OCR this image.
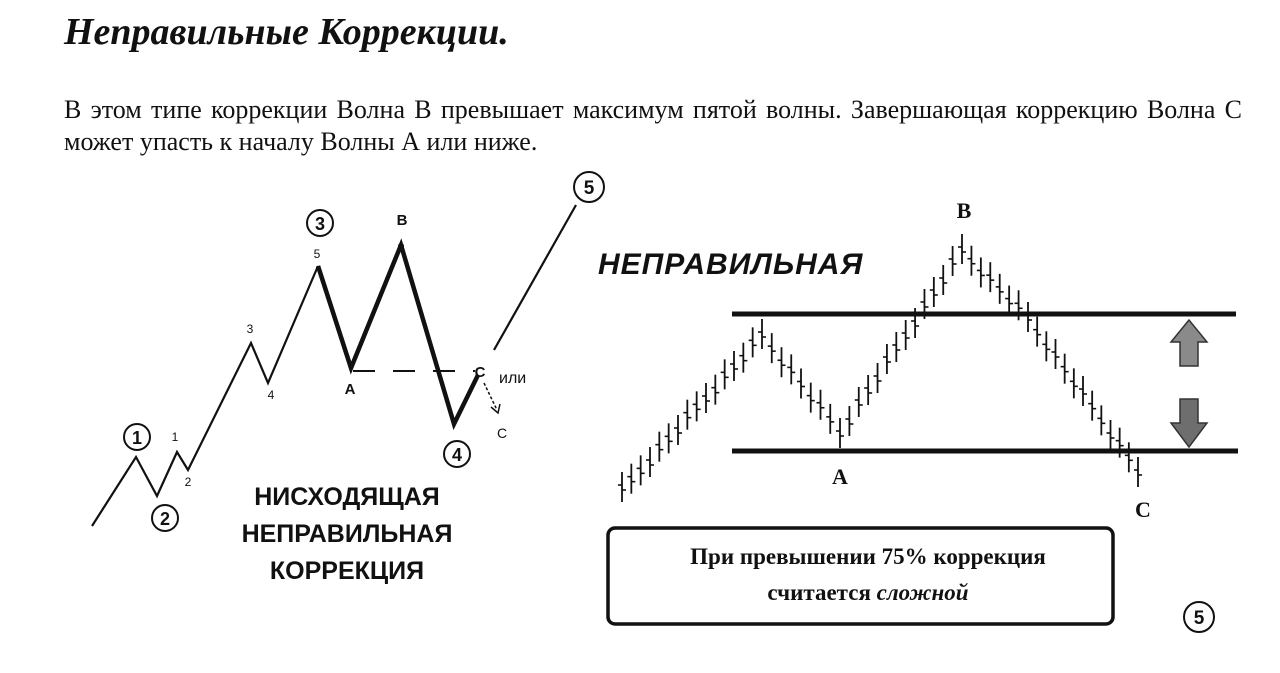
Неправильные Коррекции.

В этом типе коррекции Волна В превышает максимум пятой волны. Завершающая коррекцию Волна С может упасть к началу Волны А или ниже.

1
2
3
4
5
1
2
3
4
5
A
B
C или
C
НИСХОДЯЩАЯ
НЕПРАВИЛЬНАЯ
КОРРЕКЦИЯ
НЕПРАВИЛЬНАЯ
A
B
C
При превышении 75% коррекция
считается сложной
5
